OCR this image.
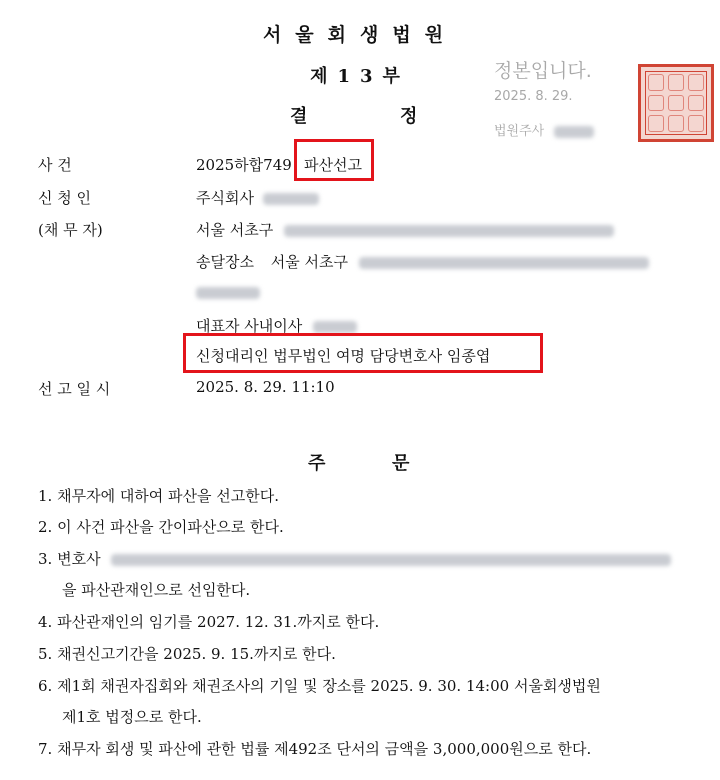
서울회생법원
제13부
결	정
정본입니다.
2025. 8. 29.
법원주사
사 건	2025하합749 파산선고
신 청 인	주식회사
(채 무 자)	서울 서초구
송달장소 서울 서초구
대표자 사내이사
신청대리인 법무법인 여명 담당변호사 임종엽
선 고 일 시	2025. 8. 29. 11:10
주	문
1. 채무자에 대하여 파산을 선고한다.
2. 이 사건 파산을 간이파산으로 한다.
3. 변호사
을 파산관재인으로 선임한다.
4. 파산관재인의 임기를 2027. 12. 31.까지로 한다.
5. 채권신고기간을 2025. 9. 15.까지로 한다.
6. 제1회 채권자집회와 채권조사의 기일 및 장소를 2025. 9. 30. 14:00 서울회생법원
제1호 법정으로 한다.
7. 채무자 회생 및 파산에 관한 법률 제492조 단서의 금액을 3,000,000원으로 한다.
